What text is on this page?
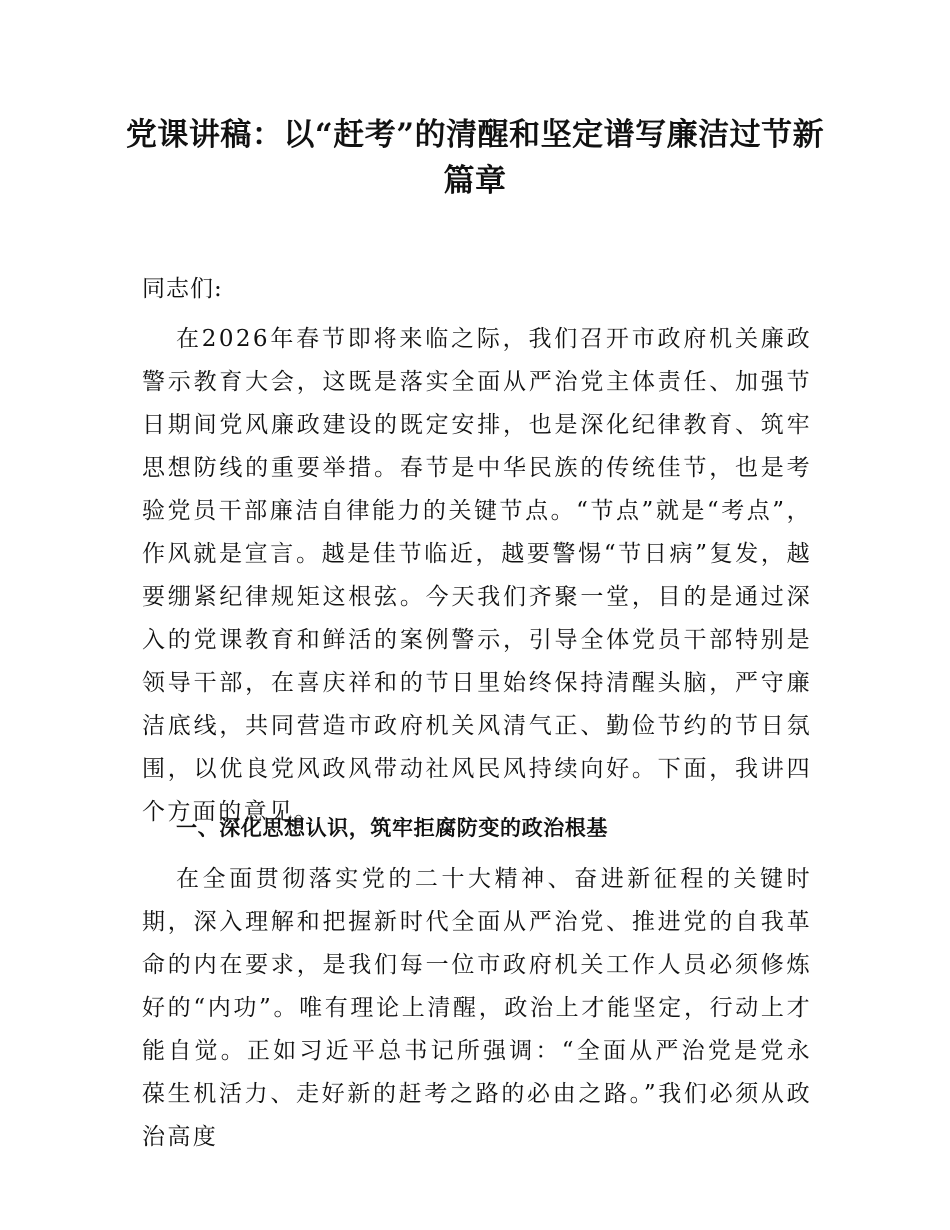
党课讲稿：以“赶考”的清醒和坚定谱写廉洁过节新篇章

同志们:

在2026年春节即将来临之际，我们召开市政府机关廉政警示教育大会，这既是落实全面从严治党主体责任、加强节日期间党风廉政建设的既定安排，也是深化纪律教育、筑牢思想防线的重要举措。春节是中华民族的传统佳节，也是考验党员干部廉洁自律能力的关键节点。“节点”就是“考点”，作风就是宣言。越是佳节临近，越要警惕“节日病”复发，越要绷紧纪律规矩这根弦。今天我们齐聚一堂，目的是通过深入的党课教育和鲜活的案例警示，引导全体党员干部特别是领导干部，在喜庆祥和的节日里始终保持清醒头脑，严守廉洁底线，共同营造市政府机关风清气正、勤俭节约的节日氛围，以优良党风政风带动社风民风持续向好。下面，我讲四个方面的意见。

一、深化思想认识，筑牢拒腐防变的政治根基

在全面贯彻落实党的二十大精神、奋进新征程的关键时期，深入理解和把握新时代全面从严治党、推进党的自我革命的内在要求，是我们每一位市政府机关工作人员必须修炼好的“内功”。唯有理论上清醒，政治上才能坚定，行动上才能自觉。正如习近平总书记所强调：“全面从严治党是党永葆生机活力、走好新的赶考之路的必由之路。”我们必须从政治高度
